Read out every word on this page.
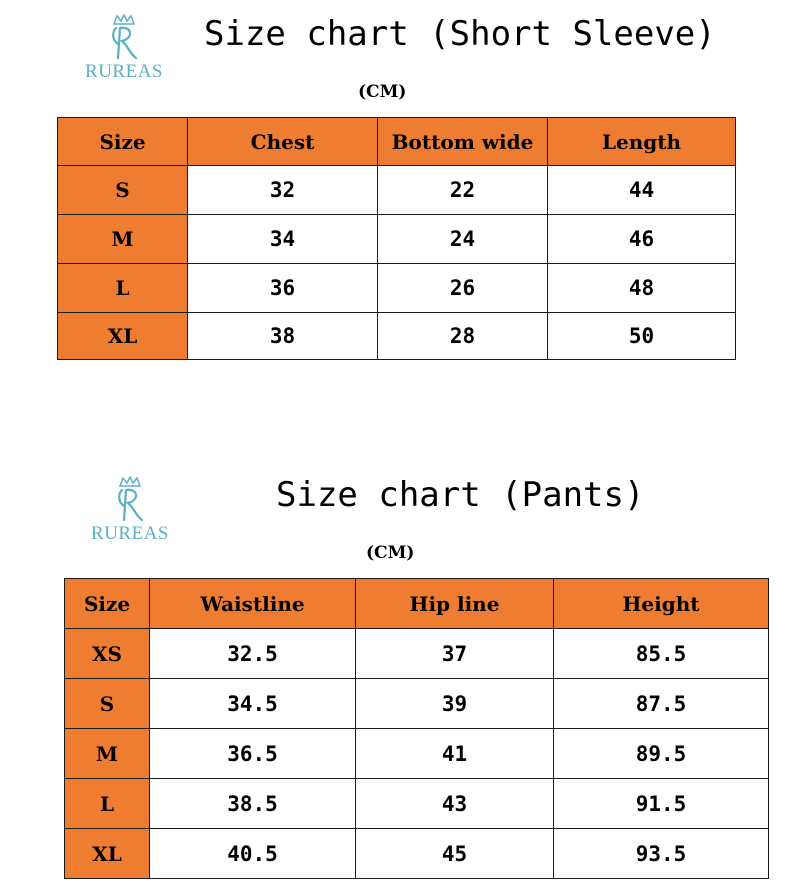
RUREAS
Size chart (Short Sleeve)
(CM)
Size	Chest	Bottom wide	Length
S	32	22	44
M	34	24	46
L	36	26	48
XL	38	28	50
RUREAS
Size chart (Pants)
(CM)
Size	Waistline	Hip line	Height
XS	32.5	37	85.5
S	34.5	39	87.5
M	36.5	41	89.5
L	38.5	43	91.5
XL	40.5	45	93.5
